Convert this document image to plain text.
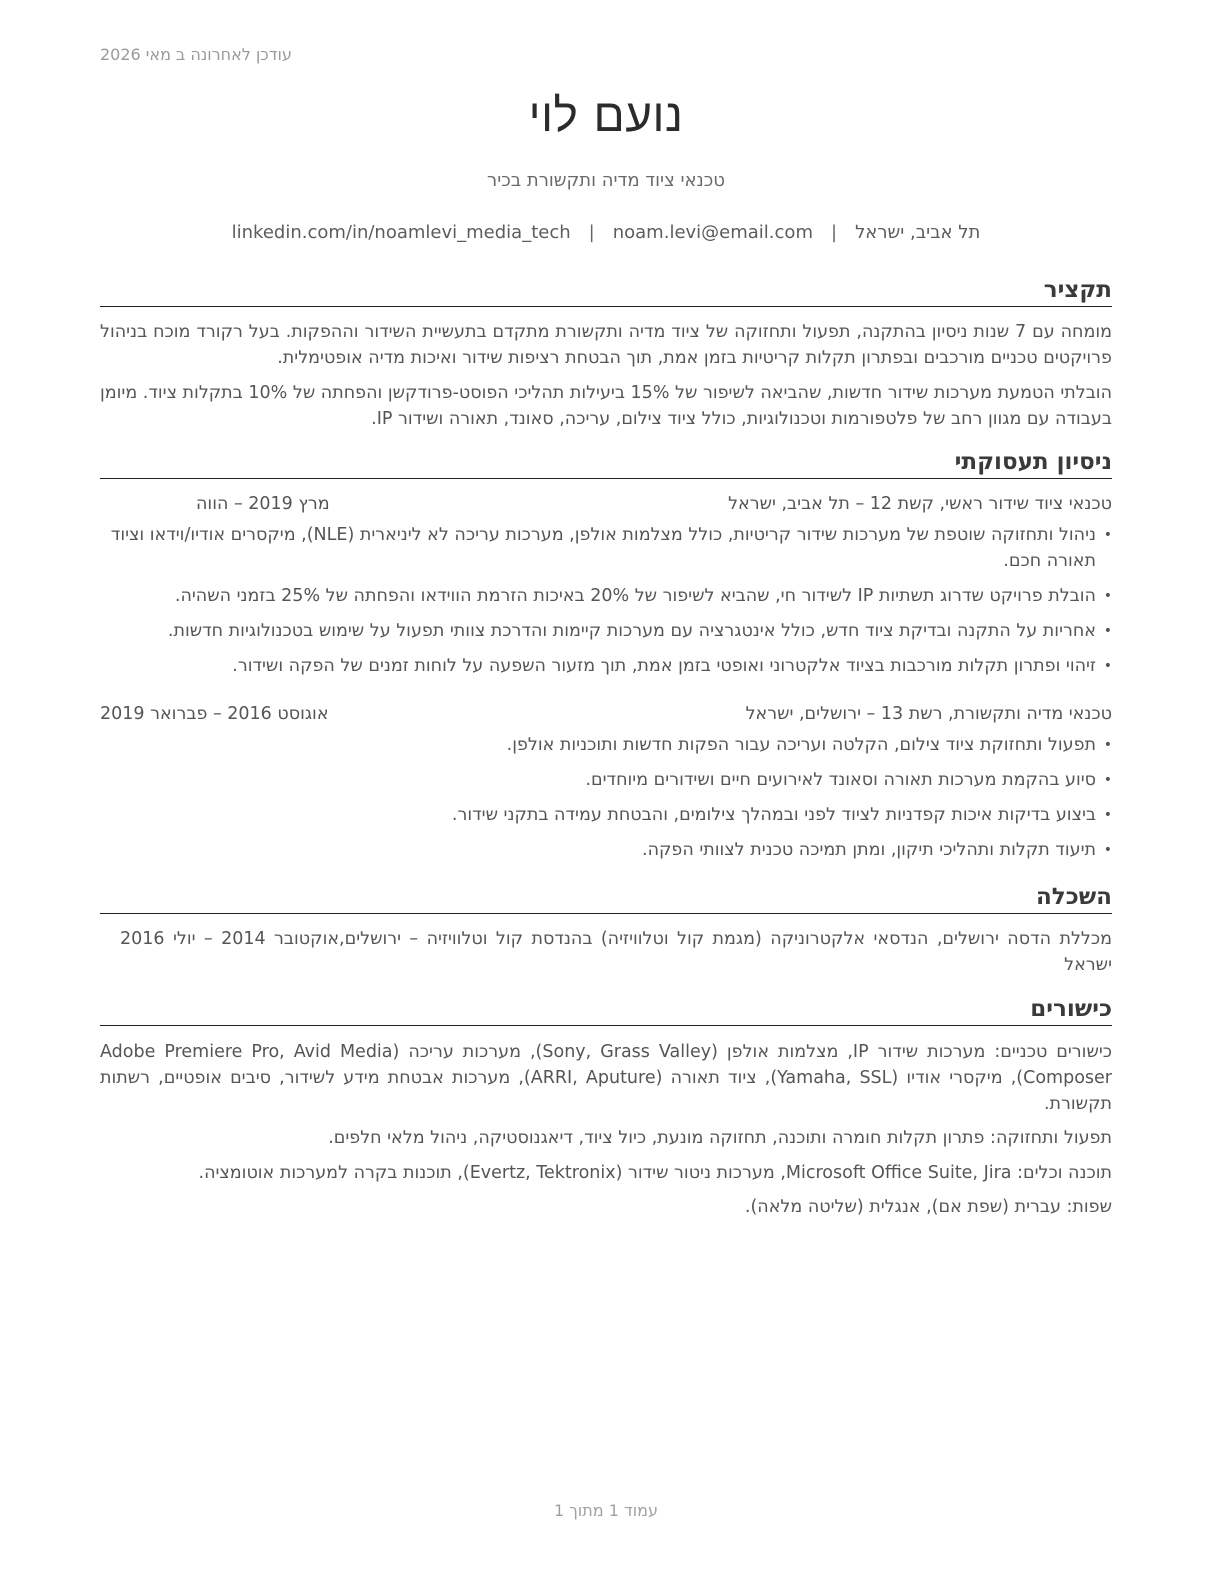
עודכן לאחרונה ב מאי 2026
נועם לוי
טכנאי ציוד מדיה ותקשורת בכיר
תל אביב, ישראל|noam.levi@email.com|linkedin.com/in/noamlevi_media_tech
תקציר

מומחה עם 7 שנות ניסיון בהתקנה, תפעול ותחזוקה של ציוד מדיה ותקשורת מתקדם בתעשיית השידור וההפקות. בעל רקורד מוכח בניהול פרויקטים טכניים מורכבים ובפתרון תקלות קריטיות בזמן אמת, תוך הבטחת רציפות שידור ואיכות מדיה אופטימלית.

הובלתי הטמעת מערכות שידור חדשות, שהביאה לשיפור של 15% ביעילות תהליכי הפוסט-פרודקשן והפחתה של 10% בתקלות ציוד. מיומן בעבודה עם מגוון רחב של פלטפורמות וטכנולוגיות, כולל ציוד צילום, עריכה, סאונד, תאורה ושידור IP.

ניסיון תעסוקתי
טכנאי ציוד שידור ראשי, קשת 12 – תל אביב, ישראל
מרץ 2019 – הווה
•
ניהול ותחזוקה שוטפת של מערכות שידור קריטיות, כולל מצלמות אולפן, מערכות עריכה לא ליניארית (NLE), מיקסרים אודיו/וידאו וציוד תאורה חכם.
•
הובלת פרויקט שדרוג תשתיות IP לשידור חי, שהביא לשיפור של 20% באיכות הזרמת הווידאו והפחתה של 25% בזמני השהיה.
•
אחריות על התקנה ובדיקת ציוד חדש, כולל אינטגרציה עם מערכות קיימות והדרכת צוותי תפעול על שימוש בטכנולוגיות חדשות.
•
זיהוי ופתרון תקלות מורכבות בציוד אלקטרוני ואופטי בזמן אמת, תוך מזעור השפעה על לוחות זמנים של הפקה ושידור.
טכנאי מדיה ותקשורת, רשת 13 – ירושלים, ישראל
אוגוסט 2016 – פברואר 2019
•
תפעול ותחזוקת ציוד צילום, הקלטה ועריכה עבור הפקות חדשות ותוכניות אולפן.
•
סיוע בהקמת מערכות תאורה וסאונד לאירועים חיים ושידורים מיוחדים.
•
ביצוע בדיקות איכות קפדניות לציוד לפני ובמהלך צילומים, והבטחת עמידה בתקני שידור.
•
תיעוד תקלות ותהליכי תיקון, ומתן תמיכה טכנית לצוותי הפקה.
השכלה

מכללת הדסה ירושלים, הנדסאי אלקטרוניקה (מגמת קול וטלוויזיה) בהנדסת קול וטלוויזיה – ירושלים,אוקטובר 2014 – יולי 2016 ישראל

כישורים

כישורים טכניים: מערכות שידור IP, מצלמות אולפן (Sony, Grass Valley), מערכות עריכה (Adobe Premiere Pro, Avid Media Composer), מיקסרי אודיו (Yamaha, SSL), ציוד תאורה (ARRI, Aputure), מערכות אבטחת מידע לשידור, סיבים אופטיים, רשתות תקשורת.

תפעול ותחזוקה: פתרון תקלות חומרה ותוכנה, תחזוקה מונעת, כיול ציוד, דיאגנוסטיקה, ניהול מלאי חלפים.

תוכנה וכלים: Microsoft Office Suite, Jira, מערכות ניטור שידור (Evertz, Tektronix), תוכנות בקרה למערכות אוטומציה.

שפות: עברית (שפת אם), אנגלית (שליטה מלאה).

עמוד 1 מתוך 1
